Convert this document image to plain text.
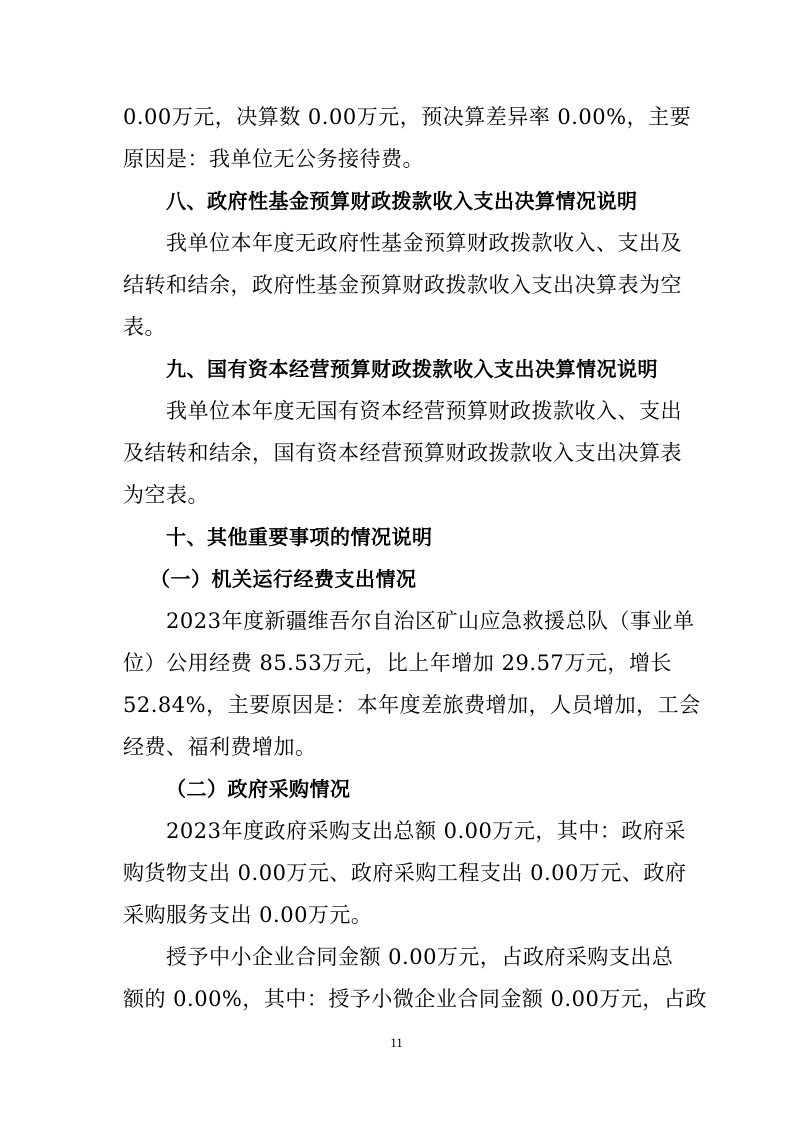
0.00万元，决算数 0.00万元，预决算差异率 0.00%，主要
原因是：我单位无公务接待费。
八、政府性基金预算财政拨款收入支出决算情况说明
我单位本年度无政府性基金预算财政拨款收入、支出及
结转和结余，政府性基金预算财政拨款收入支出决算表为空
表。
九、国有资本经营预算财政拨款收入支出决算情况说明
我单位本年度无国有资本经营预算财政拨款收入、支出
及结转和结余，国有资本经营预算财政拨款收入支出决算表
为空表。
十、其他重要事项的情况说明
（一）机关运行经费支出情况
2023年度新疆维吾尔自治区矿山应急救援总队（事业单
位）公用经费 85.53万元，比上年增加 29.57万元，增长
52.84%，主要原因是：本年度差旅费增加，人员增加，工会
经费、福利费增加。
（二）政府采购情况
2023年度政府采购支出总额 0.00万元，其中：政府采
购货物支出 0.00万元、政府采购工程支出 0.00万元、政府
采购服务支出 0.00万元。
授予中小企业合同金额 0.00万元，占政府采购支出总
额的 0.00%，其中：授予小微企业合同金额 0.00万元，占政
11
